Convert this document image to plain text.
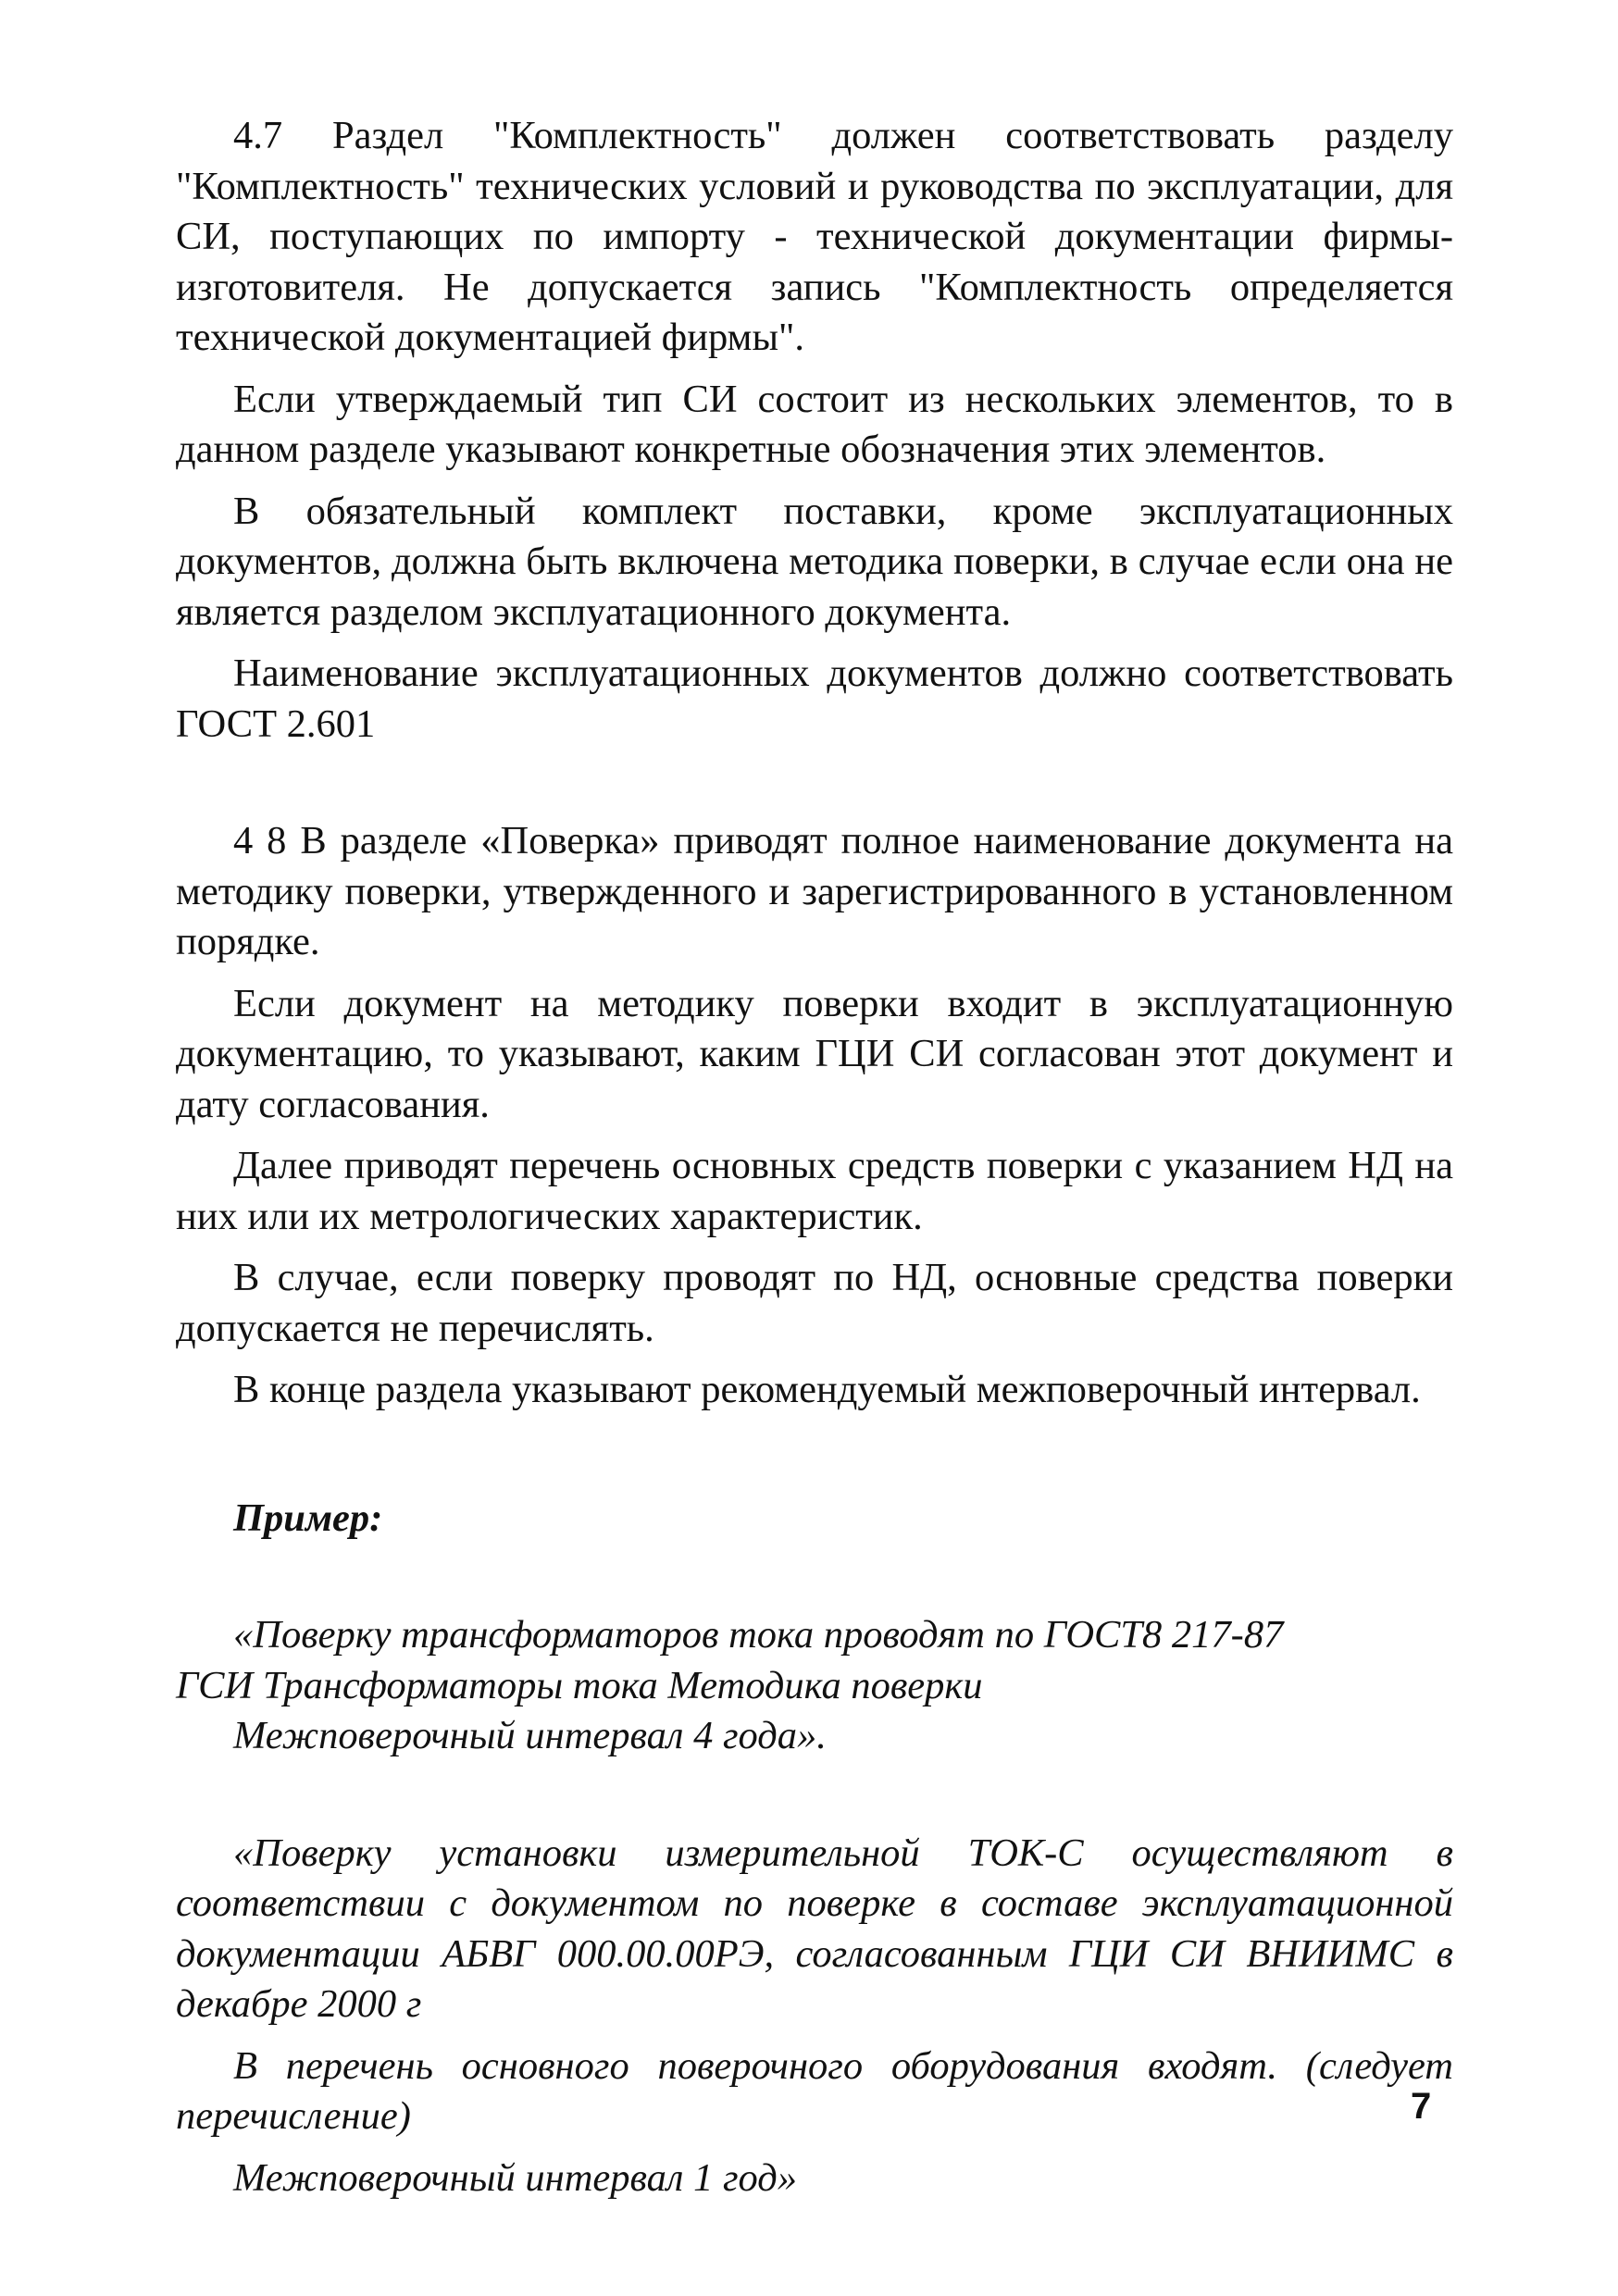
4.7 Раздел "Комплектность" должен соответствовать разделу "Комплектность" технических условий и руководства по эксплуатации, для СИ, поступающих по импорту - технической документации фирмы-изготовителя. Не допускается запись "Комплектность определяется технической документацией фирмы".

Если утверждаемый тип СИ состоит из нескольких элементов, то в данном разделе указывают конкретные обозначения этих элементов.

В обязательный комплект поставки, кроме эксплуатационных документов, должна быть включена методика поверки, в случае если она не является разделом эксплуатационного документа.

Наименование эксплуатационных документов должно соответствовать ГОСТ 2.601

4 8 В разделе «Поверка» приводят полное наименование документа на методику поверки, утвержденного и зарегистрированного в установленном порядке.

Если документ на методику поверки входит в эксплуатационную документацию, то указывают, каким ГЦИ СИ согласован этот документ и дату согласования.

Далее приводят перечень основных средств поверки с указанием НД на них или их метрологических характеристик.

В случае, если поверку проводят по НД, основные средства поверки допускается не перечислять.

В конце раздела указывают рекомендуемый межповерочный интервал.

Пример:

«Поверку трансформаторов тока проводят по ГОСТ8 217-87

ГСИ Трансформаторы тока Методика поверки

Межповерочный интервал 4 года».

«Поверку установки измерительной ТОК-С осуществляют в соответствии с документом по поверке в составе эксплуатационной документации АБВГ 000.00.00РЭ, согласованным ГЦИ СИ ВНИИМС в декабре 2000 г

В перечень основного поверочного оборудования входят. (следует перечисление)

Межповерочный интервал 1 год»

7
